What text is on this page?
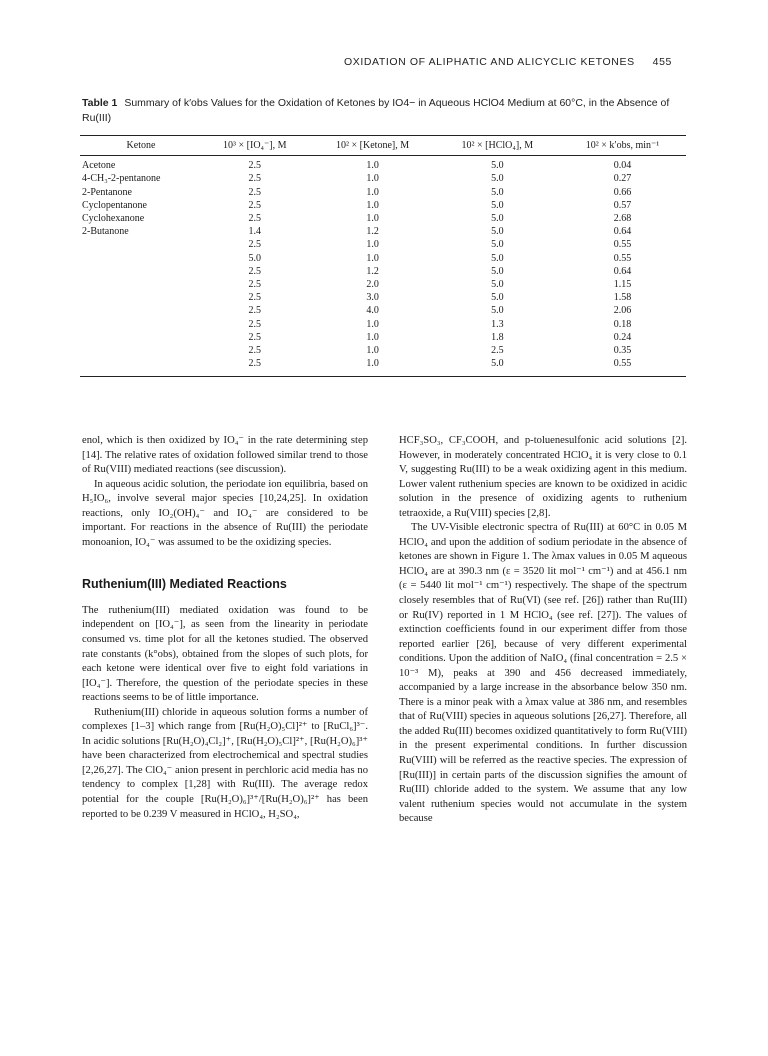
OXIDATION OF ALIPHATIC AND ALICYCLIC KETONES 455
Table 1 Summary of k′obs Values for the Oxidation of Ketones by IO4− in Aqueous HClO4 Medium at 60°C, in the Absence of Ru(III)
Ketone	10³ × [IO₄⁻], M	10² × [Ketone], M	10² × [HClO₄], M	10² × k′obs, min⁻¹
Acetone	2.5	1.0	5.0	0.04
4-CH₃-2-pentanone	2.5	1.0	5.0	0.27
2-Pentanone	2.5	1.0	5.0	0.66
Cyclopentanone	2.5	1.0	5.0	0.57
Cyclohexanone	2.5	1.0	5.0	2.68
2-Butanone	1.4	1.2	5.0	0.64
	2.5	1.0	5.0	0.55
	5.0	1.0	5.0	0.55
	2.5	1.2	5.0	0.64
	2.5	2.0	5.0	1.15
	2.5	3.0	5.0	1.58
	2.5	4.0	5.0	2.06
	2.5	1.0	1.3	0.18
	2.5	1.0	1.8	0.24
	2.5	1.0	2.5	0.35
	2.5	1.0	5.0	0.55

enol, which is then oxidized by IO₄⁻ in the rate determining step [14]. The relative rates of oxidation followed similar trend to those of Ru(VIII) mediated reactions (see discussion).

In aqueous acidic solution, the periodate ion equilibria, based on H₅IO₆, involve several major species [10,24,25]. In oxidation reactions, only IO₂(OH)₄⁻ and IO₄⁻ are considered to be important. For reactions in the absence of Ru(III) the periodate monoanion, IO₄⁻ was assumed to be the oxidizing species.

Ruthenium(III) Mediated Reactions

The ruthenium(III) mediated oxidation was found to be independent on [IO₄⁻], as seen from the linearity in periodate consumed vs. time plot for all the ketones studied. The observed rate constants (k°obs), obtained from the slopes of such plots, for each ketone were identical over five to eight fold variations in [IO₄⁻]. Therefore, the question of the periodate species in these reactions seems to be of little importance.

Ruthenium(III) chloride in aqueous solution forms a number of complexes [1–3] which range from [Ru(H₂O)₅Cl]²⁺ to [RuCl₆]³⁻. In acidic solutions [Ru(H₂O)₄Cl₂]⁺, [Ru(H₂O)₅Cl]²⁺, [Ru(H₂O)₆]³⁺ have been characterized from electrochemical and spectral studies [2,26,27]. The ClO₄⁻ anion present in perchloric acid media has no tendency to complex [1,28] with Ru(III). The average redox potential for the couple [Ru(H₂O)₆]³⁺/[Ru(H₂O)₆]²⁺ has been reported to be 0.239 V measured in HClO₄, H₂SO₄,

HCF₃SO₃, CF₃COOH, and p-toluenesulfonic acid solutions [2]. However, in moderately concentrated HClO₄ it is very close to 0.1 V, suggesting Ru(III) to be a weak oxidizing agent in this medium. Lower valent ruthenium species are known to be oxidized in acidic solution in the presence of oxidizing agents to ruthenium tetraoxide, a Ru(VIII) species [2,8].

The UV-Visible electronic spectra of Ru(III) at 60°C in 0.05 M HClO₄ and upon the addition of sodium periodate in the absence of ketones are shown in Figure 1. The λmax values in 0.05 M aqueous HClO₄ are at 390.3 nm (ε = 3520 lit mol⁻¹ cm⁻¹) and at 456.1 nm (ε = 5440 lit mol⁻¹ cm⁻¹) respectively. The shape of the spectrum closely resembles that of Ru(VI) (see ref. [26]) rather than Ru(III) or Ru(IV) reported in 1 M HClO₄ (see ref. [27]). The values of extinction coefficients found in our experiment differ from those reported earlier [26], because of very different experimental conditions. Upon the addition of NaIO₄ (final concentration = 2.5 × 10⁻³ M), peaks at 390 and 456 decreased immediately, accompanied by a large increase in the absorbance below 350 nm. There is a minor peak with a λmax value at 386 nm, and resembles that of Ru(VIII) species in aqueous solutions [26,27]. Therefore, all the added Ru(III) becomes oxidized quantitatively to form Ru(VIII) in the present experimental conditions. In further discussion Ru(VIII) will be referred as the reactive species. The expression of [Ru(III)] in certain parts of the discussion signifies the amount of Ru(III) chloride added to the system. We assume that any low valent ruthenium species would not accumulate in the system because
